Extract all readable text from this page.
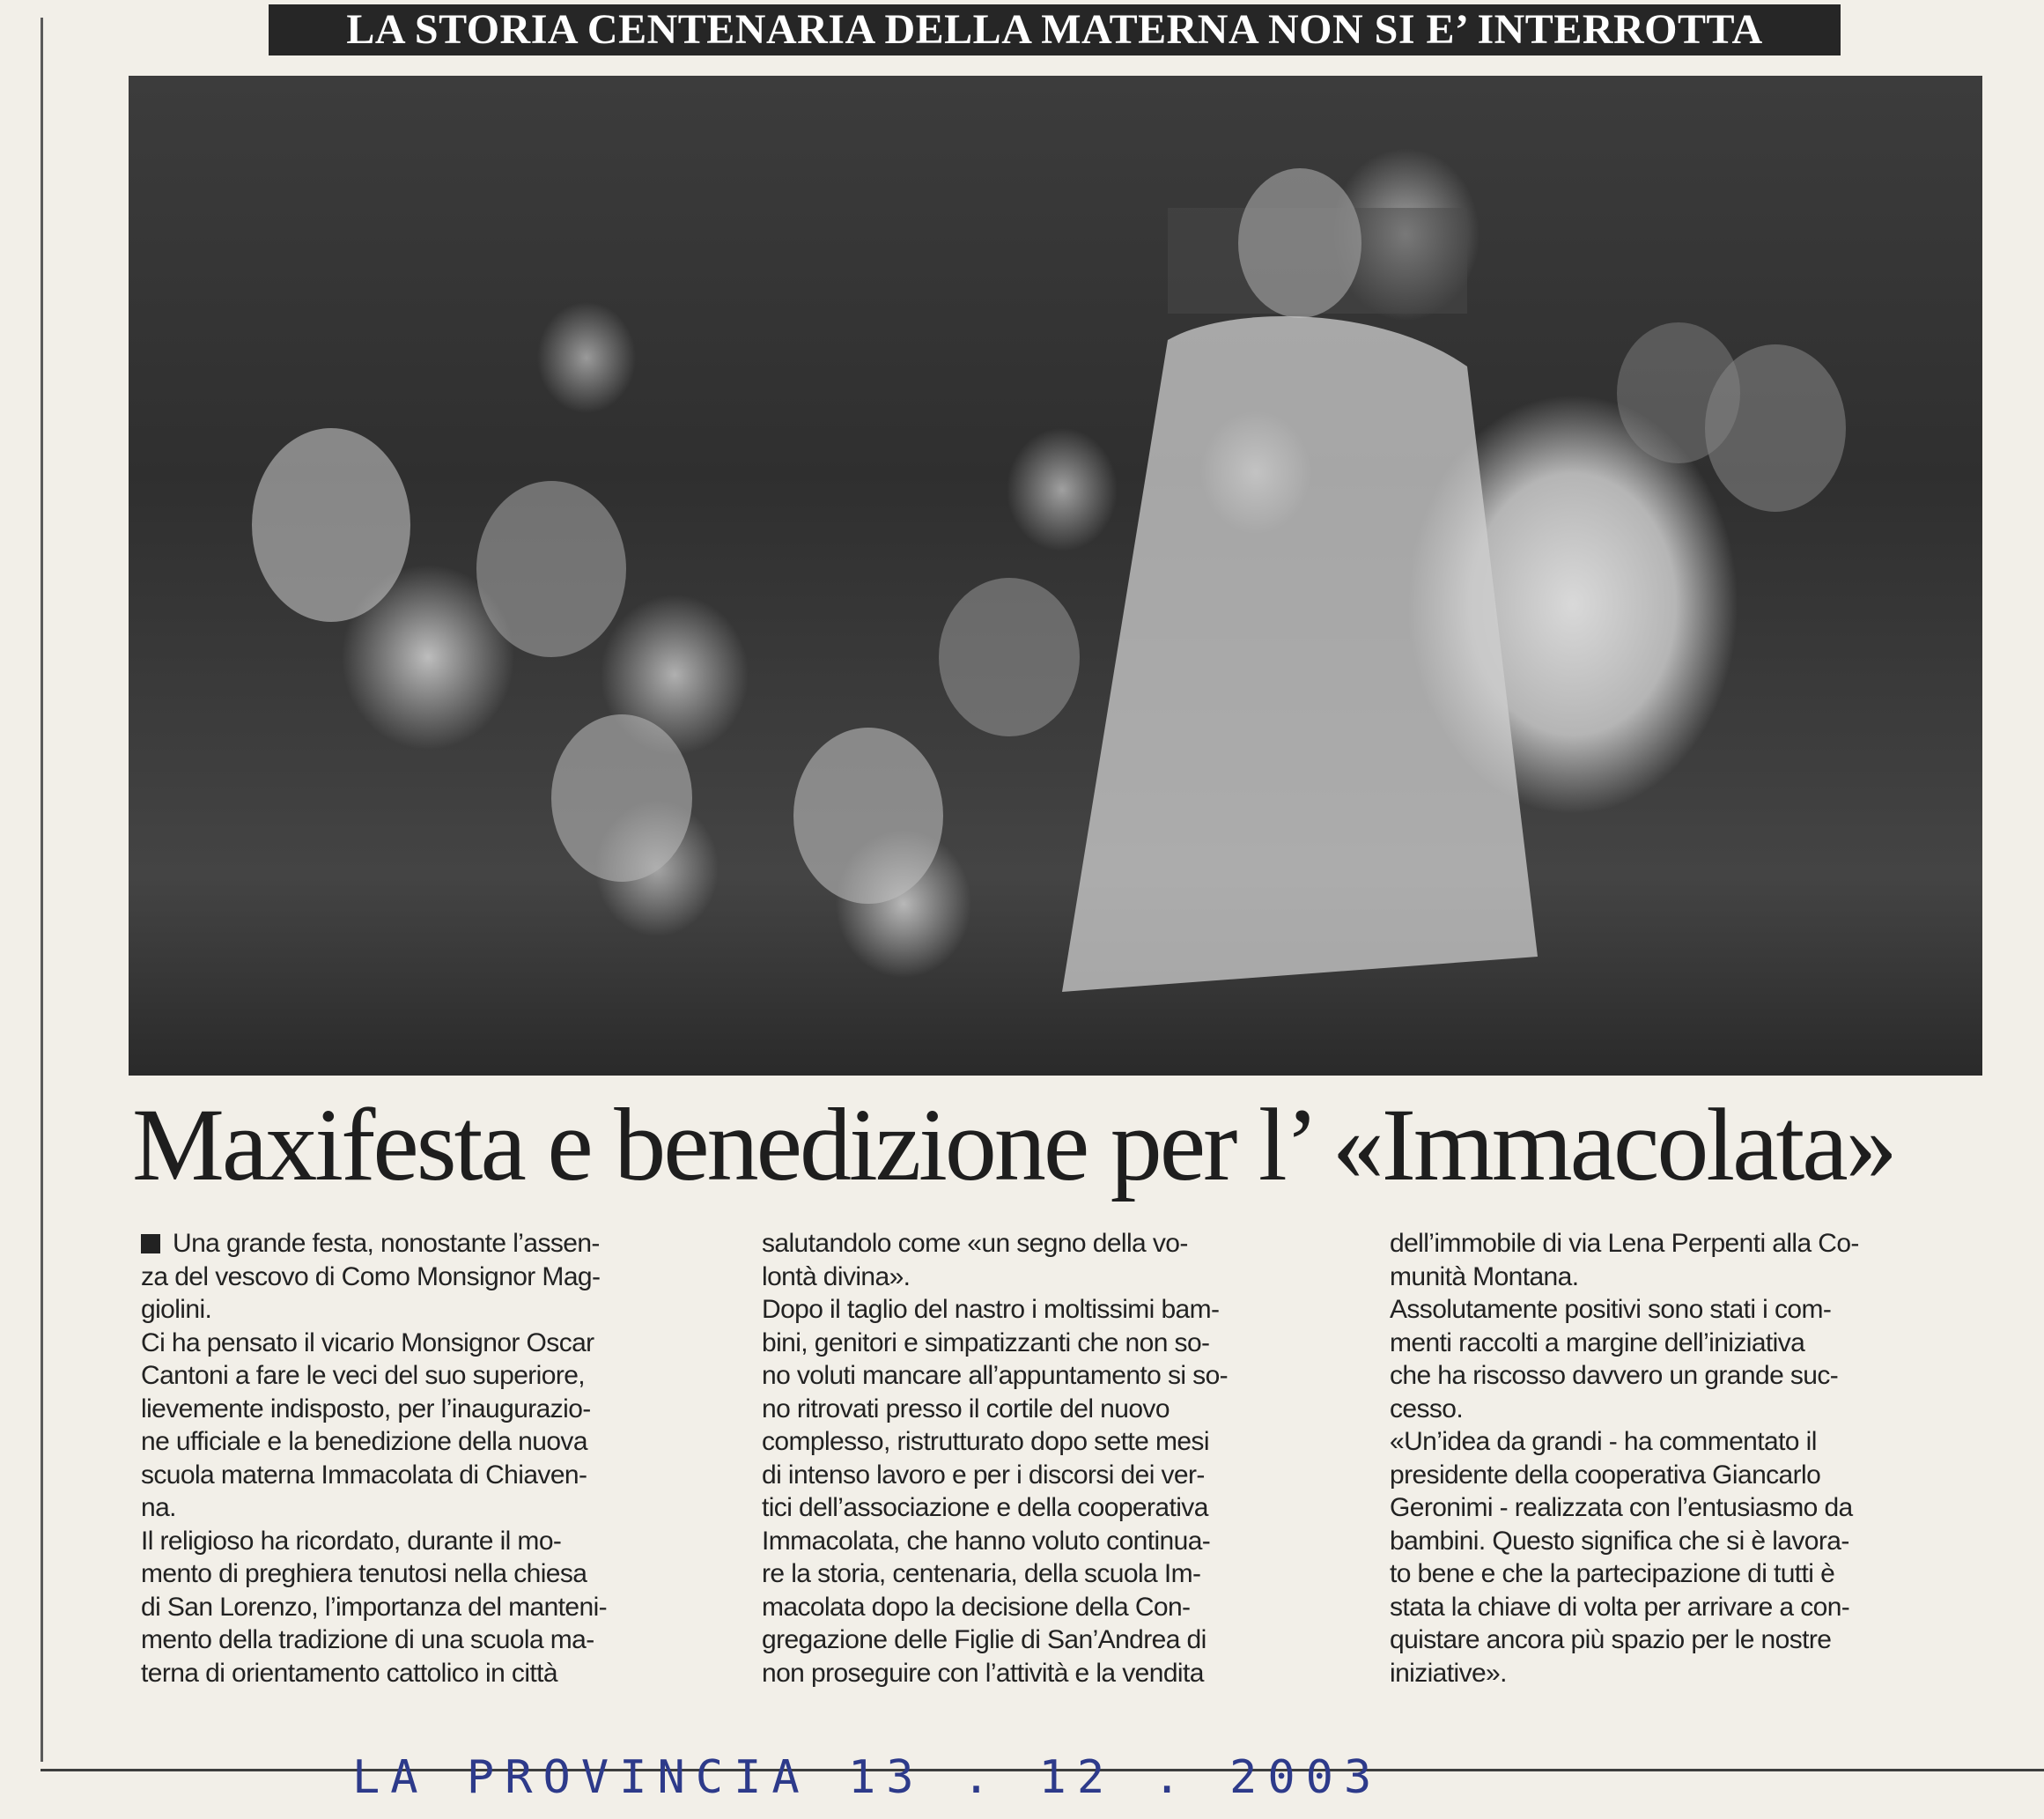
LA STORIA CENTENARIA DELLA MATERNA NON SI E’ INTERROTTA
Maxifesta e benedizione per l’ «Immacolata»

Una grande festa, nonostante l’assen-

za del vescovo di Como Monsignor Mag-

giolini.

Ci ha pensato il vicario Monsignor Oscar

Cantoni a fare le veci del suo superiore,

lievemente indisposto, per l’inaugurazio-

ne ufficiale e la benedizione della nuova

scuola materna Immacolata di Chiaven-

na.

Il religioso ha ricordato, durante il mo-

mento di preghiera tenutosi nella chiesa

di San Lorenzo, l’importanza del manteni-

mento della tradizione di una scuola ma-

terna di orientamento cattolico in città

salutandolo come «un segno della vo-

lontà divina».

Dopo il taglio del nastro i moltissimi bam-

bini, genitori e simpatizzanti che non so-

no voluti mancare all’appuntamento si so-

no ritrovati presso il cortile del nuovo

complesso, ristrutturato dopo sette mesi

di intenso lavoro e per i discorsi dei ver-

tici dell’associazione e della cooperativa

Immacolata, che hanno voluto continua-

re la storia, centenaria, della scuola Im-

macolata dopo la decisione della Con-

gregazione delle Figlie di San’Andrea di

non proseguire con l’attività e la vendita

dell’immobile di via Lena Perpenti alla Co-

munità Montana.

Assolutamente positivi sono stati i com-

menti raccolti a margine dell’iniziativa

che ha riscosso davvero un grande suc-

cesso.

«Un’idea da grandi - ha commentato il

presidente della cooperativa Giancarlo

Geronimi - realizzata con l’entusiasmo da

bambini. Questo significa che si è lavora-

to bene e che la partecipazione di tutti è

stata la chiave di volta per arrivare a con-

quistare ancora più spazio per le nostre

iniziative».

LA PROVINCIA 13 . 12 . 2003
